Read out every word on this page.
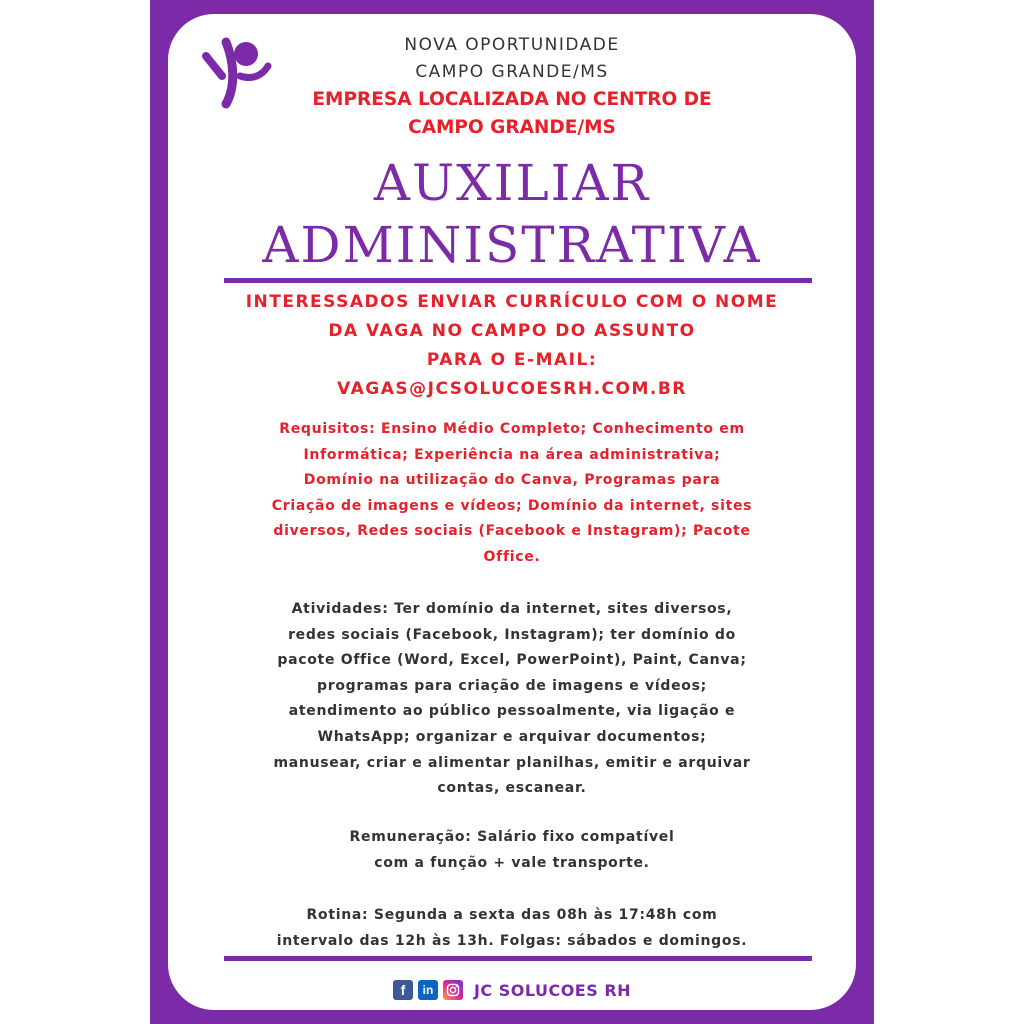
NOVA OPORTUNIDADE
CAMPO GRANDE/MS
EMPRESA LOCALIZADA NO CENTRO DE
CAMPO GRANDE/MS
AUXILIAR
ADMINISTRATIVA
INTERESSADOS ENVIAR CURRÍCULO COM O NOME
DA VAGA NO CAMPO DO ASSUNTO
PARA O E-MAIL:
VAGAS@JCSOLUCOESRH.COM.BR
Requisitos: Ensino Médio Completo; Conhecimento em
Informática; Experiência na área administrativa;
Domínio na utilização do Canva, Programas para
Criação de imagens e vídeos; Domínio da internet, sites
diversos, Redes sociais (Facebook e Instagram); Pacote
Office.
Atividades: Ter domínio da internet, sites diversos,
redes sociais (Facebook, Instagram); ter domínio do
pacote Office (Word, Excel, PowerPoint), Paint, Canva;
programas para criação de imagens e vídeos;
atendimento ao público pessoalmente, via ligação e
WhatsApp; organizar e arquivar documentos;
manusear, criar e alimentar planilhas, emitir e arquivar
contas, escanear.
Remuneração: Salário fixo compatível
com a função + vale transporte.
Rotina: Segunda a sexta das 08h às 17:48h com
intervalo das 12h às 13h. Folgas: sábados e domingos.
f	in	JC SOLUCOES RH
